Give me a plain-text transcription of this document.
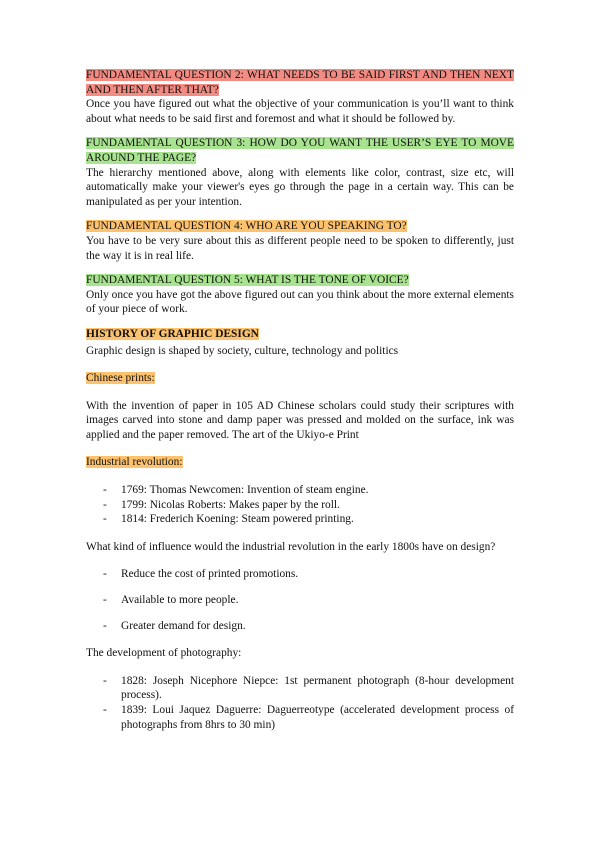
FUNDAMENTAL QUESTION 2: WHAT NEEDS TO BE SAID FIRST AND THEN NEXT AND THEN AFTER THAT?
Once you have figured out what the objective of your communication is you’ll want to think about what needs to be said first and foremost and what it should be followed by.
FUNDAMENTAL QUESTION 3: HOW DO YOU WANT THE USER’S EYE TO MOVE AROUND THE PAGE?
The hierarchy mentioned above, along with elements like color, contrast, size etc, will automatically make your viewer's eyes go through the page in a certain way. This can be manipulated as per your intention.
FUNDAMENTAL QUESTION 4: WHO ARE YOU SPEAKING TO?
You have to be very sure about this as different people need to be spoken to differently, just the way it is in real life.
FUNDAMENTAL QUESTION 5: WHAT IS THE TONE OF VOICE?
Only once you have got the above figured out can you think about the more external elements of your piece of work.
HISTORY OF GRAPHIC DESIGN
Graphic design is shaped by society, culture, technology and politics
Chinese prints:
With the invention of paper in 105 AD Chinese scholars could study their scriptures with images carved into stone and damp paper was pressed and molded on the surface, ink was applied and the paper removed. The art of the Ukiyo-e Print
Industrial revolution:
- 1769: Thomas Newcomen: Invention of steam engine.
- 1799: Nicolas Roberts: Makes paper by the roll.
- 1814: Frederich Koening: Steam powered printing.
What kind of influence would the industrial revolution in the early 1800s have on design?
- Reduce the cost of printed promotions.
- Available to more people.
- Greater demand for design.
The development of photography:
- 1828: Joseph Nicephore Niepce: 1st permanent photograph (8-hour development process).
- 1839: Loui Jaquez Daguerre: Daguerreotype (accelerated development process of photographs from 8hrs to 30 min)
